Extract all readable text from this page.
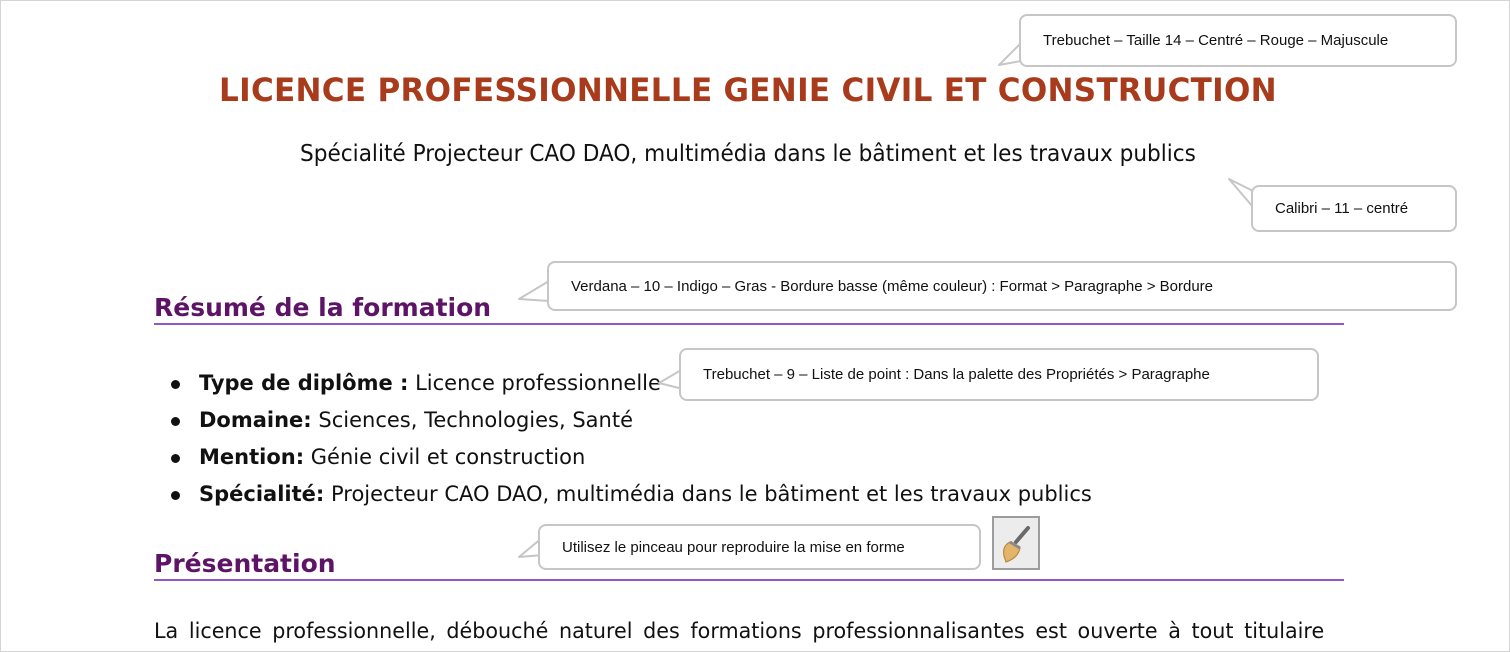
LICENCE PROFESSIONNELLE GENIE CIVIL ET CONSTRUCTION
Spécialité Projecteur CAO DAO, multimédia dans le bâtiment et les travaux publics
Résumé de la formation
Type de diplôme : Licence professionnelle
Domaine: Sciences, Technologies, Santé
Mention: Génie civil et construction
Spécialité: Projecteur CAO DAO, multimédia dans le bâtiment et les travaux publics
Présentation
La licence professionnelle, débouché naturel des formations professionnalisantes est ouverte à tout titulaire
Trebuchet – Taille 14 – Centré – Rouge – Majuscule
Calibri – 11 – centré
Verdana – 10 – Indigo – Gras - Bordure basse (même couleur) : Format > Paragraphe > Bordure
Trebuchet – 9 – Liste de point : Dans la palette des Propriétés > Paragraphe
Utilisez le pinceau pour reproduire la mise en forme
